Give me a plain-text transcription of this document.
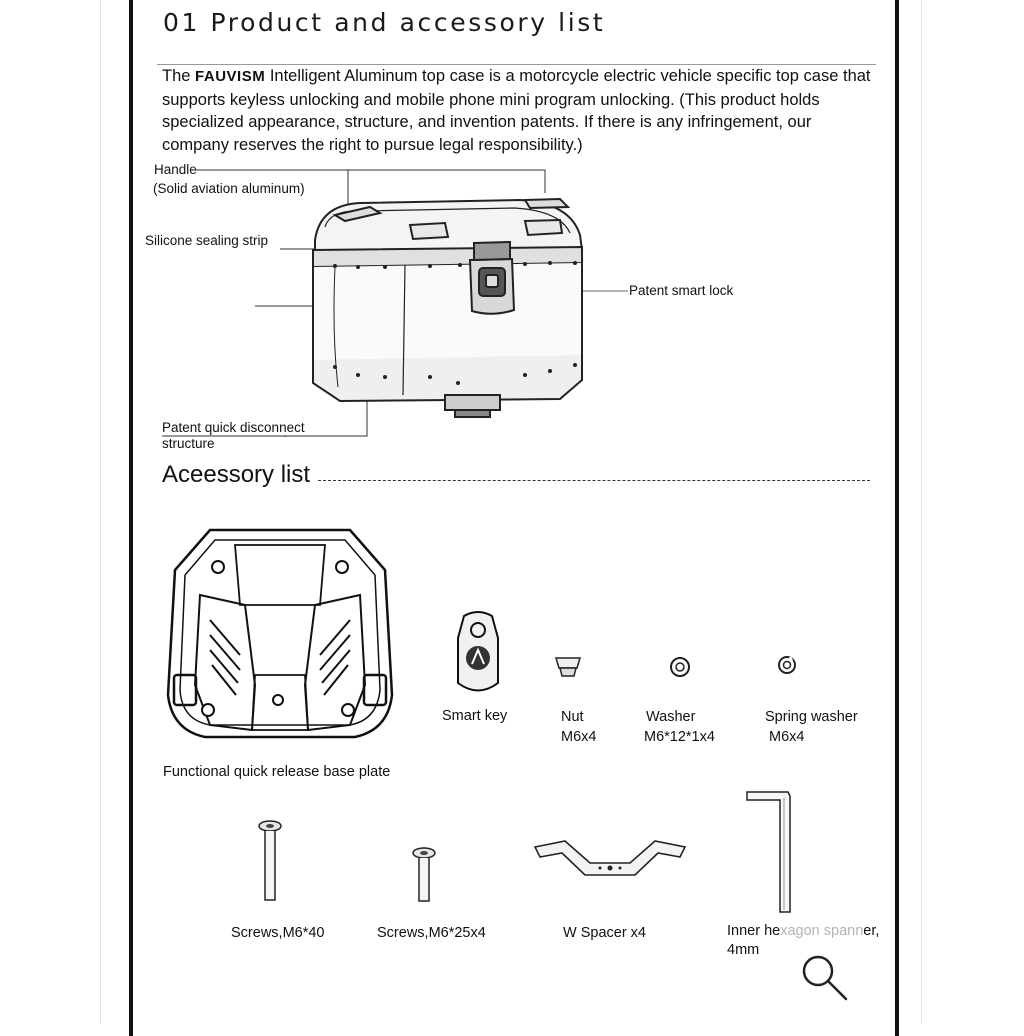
01 Product and accessory list
The FAUVISM Intelligent Aluminum top case is a motorcycle electric vehicle specific top case that supports keyless unlocking and mobile phone mini program unlocking. (This product holds specialized appearance, structure, and invention patents. If there is any infringement, our company reserves the right to pursue legal responsibility.)
Handle
(Solid aviation aluminum)
Silicone sealing strip
Patent smart lock
Patent quick disconnect
structure
Aceessory list
Functional quick release base plate
Smart key	Nut
M6x4
Washer
M6*12*1x4
Spring washer
M6x4
Screws,M6*40	Screws,M6*25x4	W Spacer x4	Inner hexagon spanner,
4mm
